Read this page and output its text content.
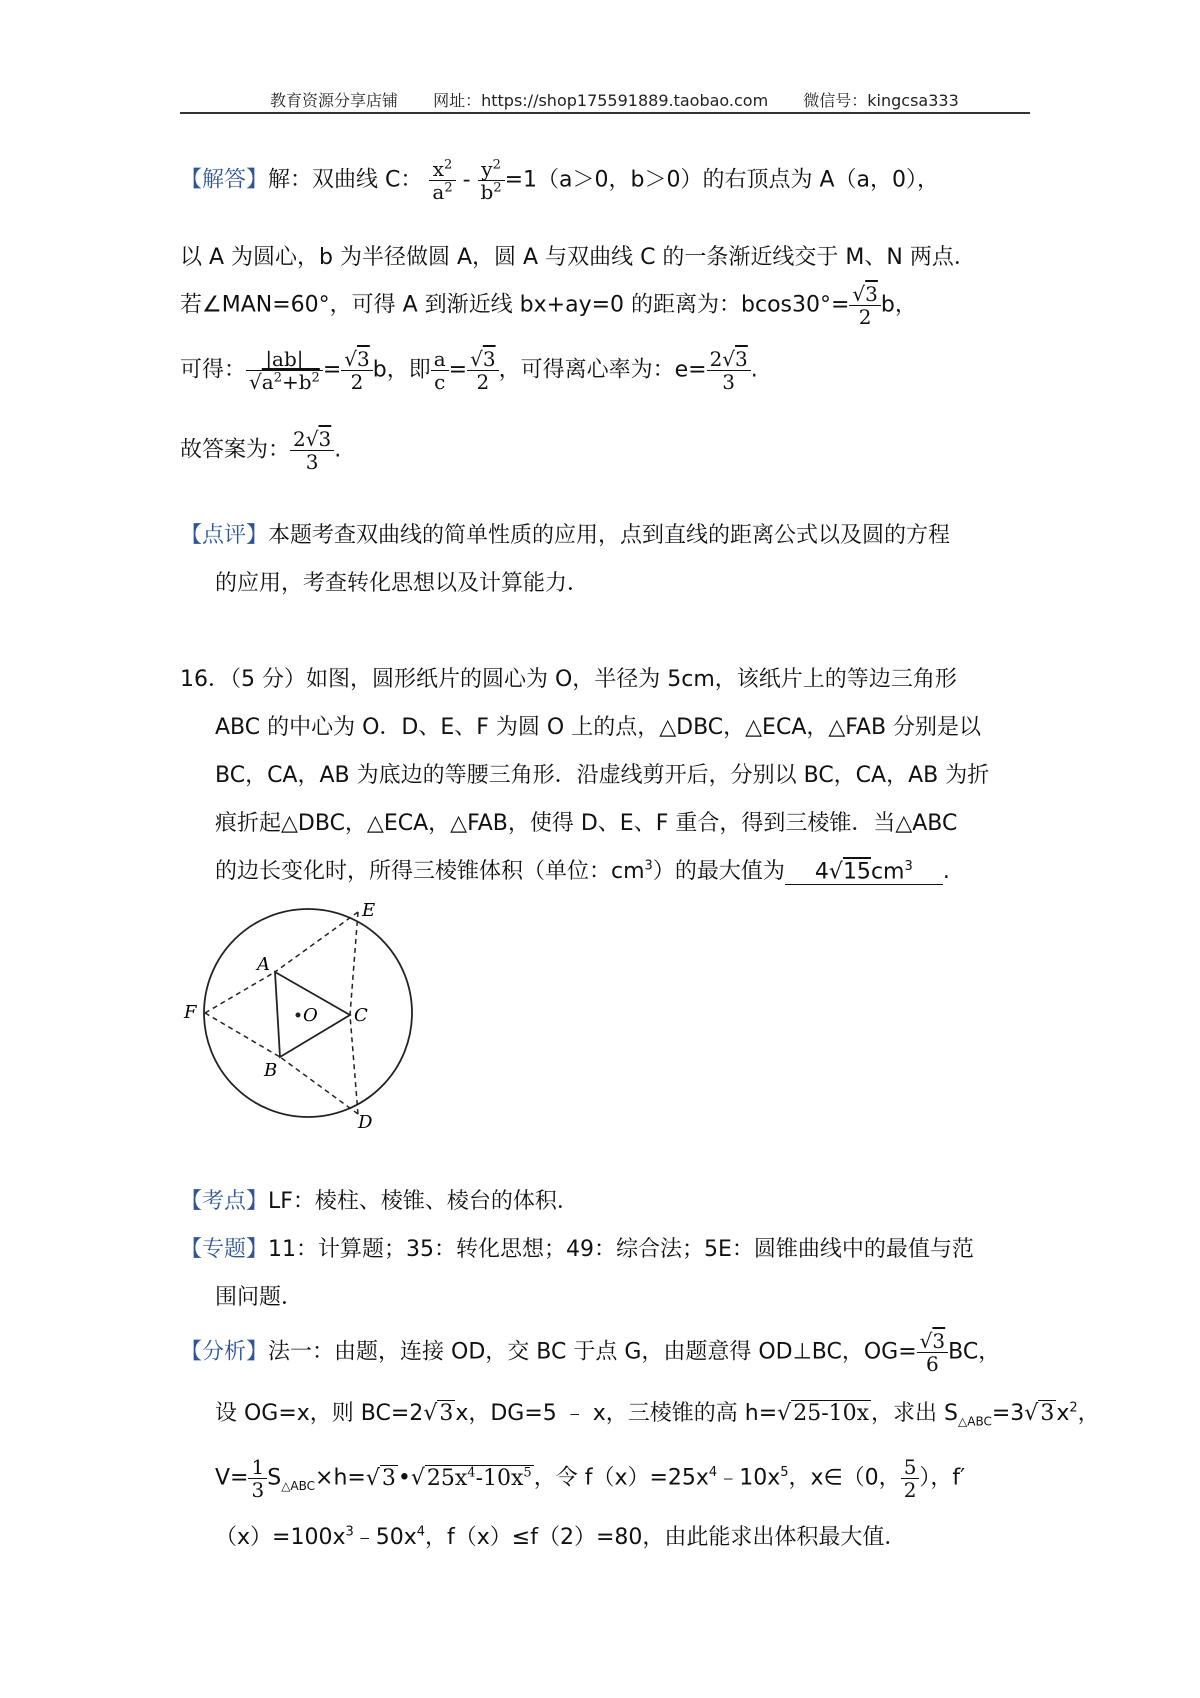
教育资源分享店铺 网址：https://shop175591889.taobao.com 微信号：kingcsa333
【解答】解：双曲线 C： $\frac{x^2}{a^2} - \frac{y^2}{b^2} =1(a>0$，b＞0）的右顶点为 A（a，0），
以 A 为圆心，b 为半径做圆 A，圆 A 与双曲线 C 的一条渐近线交于 M、N 两点．
若∠MAN=60°，可得 A 到渐近线 bx+ay=0 的距离为：$bcos30^\circ= \frac{√3}{2}$ b，
可得： $\frac{|ab|}{√a^2+b^2} = \frac{√3}{2}$ b，即 $\frac{a}{c} = \frac{√3}{2}$ ，可得离心率为：$e= \frac{2√3}{3}$ .
故答案为： $\frac{2√3}{3}$ .
【点评】本题考查双曲线的简单性质的应用，点到直线的距离公式以及圆的方程
的应用，考查转化思想以及计算能力．
16．（5 分）如图，圆形纸片的圆心为 O，半径为 5cm，该纸片上的等边三角形
ABC 的中心为 O．D、E、F 为圆 O 上的点，△DBC，△ECA，△FAB 分别是以
BC，CA，AB 为底边的等腰三角形．沿虚线剪开后，分别以 BC，CA，AB 为折
痕折起△DBC，△ECA，△FAB，使得 D、E、F 重合，得到三棱锥．当△ABC
的边长变化时，所得三棱锥体积（单位：$cm^3$）的最大值为 $4√15cm^3$ .
E
A
F	O C
B
D
【考点】LF：棱柱、棱锥、棱台的体积．
【专题】11：计算题；35：转化思想；49：综合法；5E：圆锥曲线中的最值与范
围问题．
【分析】法一：由题，连接 OD，交 BC 于点 G，由题意得 OD⊥BC，$OG= \frac{√3}{6}$ BC，
设 OG=x，则 BC=2√3x，DG=5 ﹣ x，三棱锥的高 h=√25-10x，求出 $S_{\triangle ABC}=3√3x^2$，
$V= \frac{1}{3}$ $S_{\triangle ABC}\times h=√3•√25x^4-10x^5$，令 $f(x)=25x^4﹣10x^5$，x∈（0， $\frac{5}{2}$ ），f′
$(x)=100x^3﹣50x^4$，f（x）≤f（2）=80，由此能求出体积最大值．
